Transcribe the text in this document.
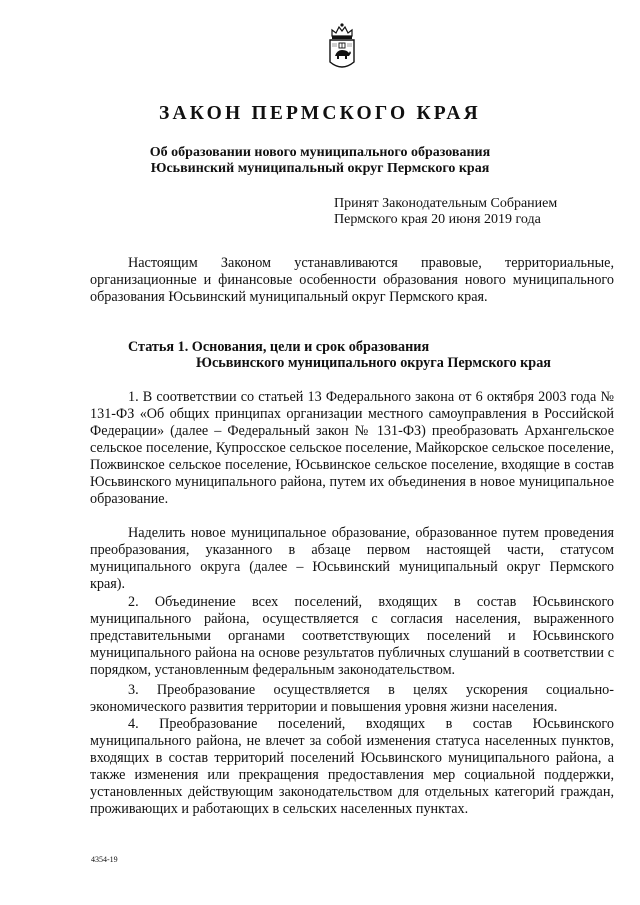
ЗАКОН ПЕРМСКОГО КРАЯ
Об образовании нового муниципального образования
Юсьвинский муниципальный округ Пермского края
Принят Законодательным Собранием
Пермского края 20 июня 2019 года

Настоящим Законом устанавливаются правовые, территориальные, организационные и финансовые особенности образования нового муниципального образования Юсьвинский муниципальный округ Пермского края.

Статья 1. Основания, цели и срок образования
Юсьвинского муниципального округа Пермского края

1. В соответствии со статьей 13 Федерального закона от 6 октября 2003 года № 131-ФЗ «Об общих принципах организации местного самоуправления в Российской Федерации» (далее – Федеральный закон № 131-ФЗ) преобразовать Архангельское сельское поселение, Купросское сельское поселение, Майкорское сельское поселение, Пожвинское сельское поселение, Юсьвинское сельское поселение, входящие в состав Юсьвинского муниципального района, путем их объединения в новое муниципальное образование.

Наделить новое муниципальное образование, образованное путем проведения преобразования, указанного в абзаце первом настоящей части, статусом муниципального округа (далее – Юсьвинский муниципальный округ Пермского края).

2. Объединение всех поселений, входящих в состав Юсьвинского муниципального района, осуществляется с согласия населения, выраженного представительными органами соответствующих поселений и Юсьвинского муниципального района на основе результатов публичных слушаний в соответствии с порядком, установленным федеральным законодательством.

3. Преобразование осуществляется в целях ускорения социально-экономического развития территории и повышения уровня жизни населения.

4. Преобразование поселений, входящих в состав Юсьвинского муниципального района, не влечет за собой изменения статуса населенных пунктов, входящих в состав территорий поселений Юсьвинского муниципального района, а также изменения или прекращения предоставления мер социальной поддержки, установленных действующим законодательством для отдельных категорий граждан, проживающих и работающих в сельских населенных пунктах.

4354-19
